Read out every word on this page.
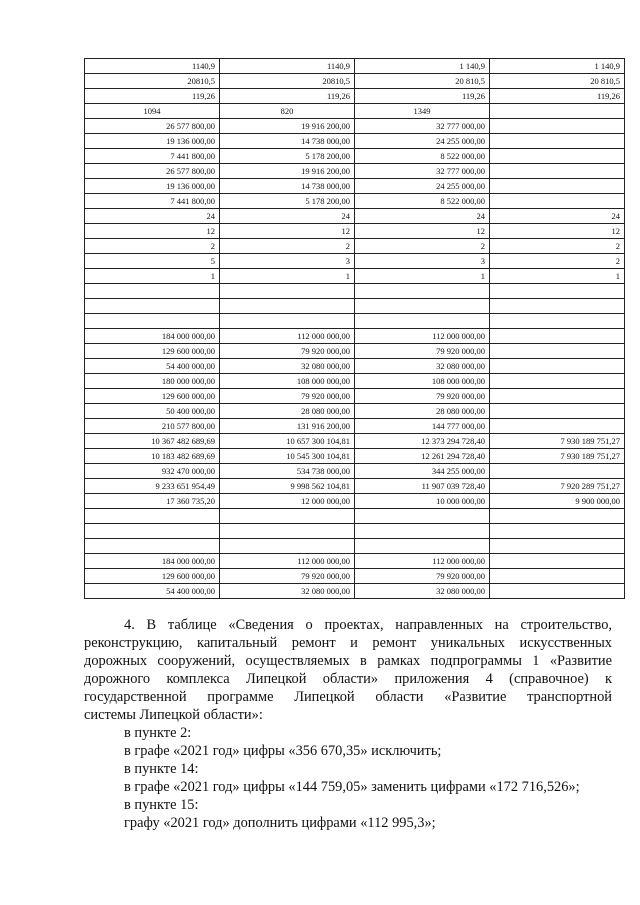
1140,9	1140,9	1 140,9	1 140,9
20810,5	20810,5	20 810,5	20 810,5
119,26	119,26	119,26	119,26
1094	820	1349	
26 577 800,00	19 916 200,00	32 777 000,00	
19 136 000,00	14 738 000,00	24 255 000,00	
7 441 800,00	5 178 200,00	8 522 000,00	
26 577 800,00	19 916 200,00	32 777 000,00	
19 136 000,00	14 738 000,00	24 255 000,00	
7 441 800,00	5 178 200,00	8 522 000,00	
24	24	24	24
12	12	12	12
2	2	2	2
5	3	3	2
1	1	1	1

184 000 000,00	112 000 000,00	112 000 000,00	
129 600 000,00	79 920 000,00	79 920 000,00	
54 400 000,00	32 080 000,00	32 080 000,00	
180 000 000,00	108 000 000,00	108 000 000,00	
129 600 000,00	79 920 000,00	79 920 000,00	
50 400 000,00	28 080 000,00	28 080 000,00	
210 577 800,00	131 916 200,00	144 777 000,00	
10 367 482 689,69	10 657 300 104,81	12 373 294 728,40	7 930 189 751,27
10 183 482 689,69	10 545 300 104,81	12 261 294 728,40	7 930 189 751,27
932 470 000,00	534 738 000,00	344 255 000,00	
9 233 651 954,49	9 998 562 104,81	11 907 039 728,40	7 920 289 751,27
17 360 735,20	12 000 000,00	10 000 000,00	9 900 000,00

184 000 000,00	112 000 000,00	112 000 000,00	
129 600 000,00	79 920 000,00	79 920 000,00	
54 400 000,00	32 080 000,00	32 080 000,00	

4. В таблице «Сведения о проектах, направленных на строительство,

реконструкцию, капитальный ремонт и ремонт уникальных искусственных

дорожных сооружений, осуществляемых в рамках подпрограммы 1 «Развитие

дорожного комплекса Липецкой области» приложения 4 (справочное) к

государственной программе Липецкой области «Развитие транспортной

системы Липецкой области»:

в пункте 2:

в графе «2021 год» цифры «356 670,35» исключить;

в пункте 14:

в графе «2021 год» цифры «144 759,05» заменить цифрами «172 716,526»;

в пункте 15:

графу «2021 год» дополнить цифрами «112 995,3»;
